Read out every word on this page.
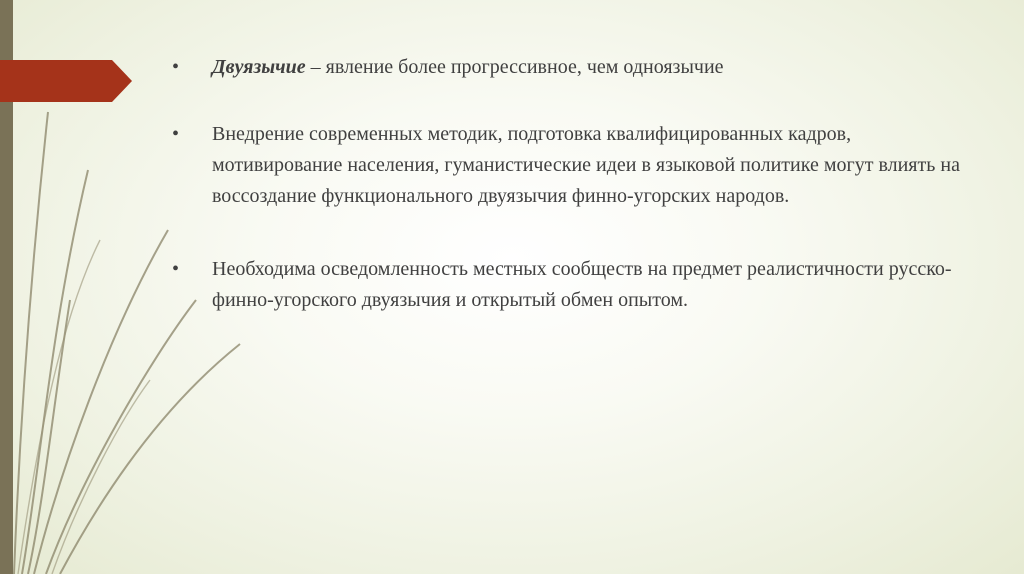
• Двуязычие – явление более прогрессивное, чем одноязычие
• Внедрение современных методик, подготовка квалифицированных кадров, мотивирование населения, гуманистические идеи в языковой политике могут влиять на воссоздание функционального двуязычия финно-угорских народов.
• Необходима осведомленность местных сообществ на предмет реалистичности русско-финно-угорского двуязычия и открытый обмен опытом.
